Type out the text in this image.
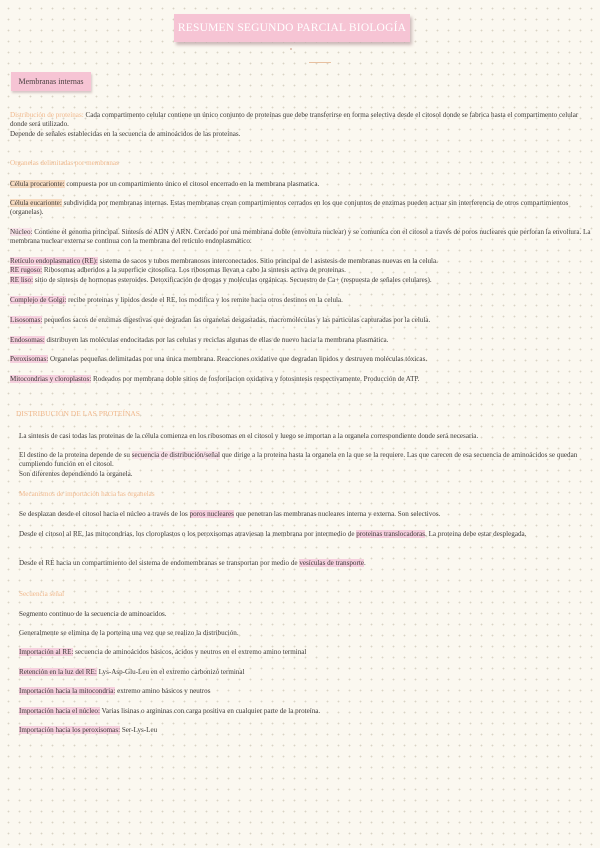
RESUMEN SEGUNDO PARCIAL BIOLOGÍA
Membranas internas

Distribución de proteínas: Cada compartimento celular contiene un único conjunto de proteínas que debe transferirse en forma selectiva desde el citosol donde se fabrica hasta el compartimento celular donde será utilizado.
Depende de señales establecidas en la secuencia de aminoácidos de las proteínas.

Organelas delimitadas por membranas

Célula procarionte: compuesta por un compartimiento único el citosol encerrado en la membrana plasmatica.

Célula eucarionte: subdividida por membranas internas. Estas membranas crean compartimientos cerrados en los que conjuntos de enzimas pueden actuar sin interferencia de otros compartimientos (organelas).

Núcleo: Contiene el genoma principal. Sintesis de ADN y ARN. Cercado por una membrana doble (envoltura nuclear) y se comunica con el citosol a través de poros nucleares que perforan la envoltura. La membrana nuclear externa se continua con la membrana del retículo endoplasmático.

Retículo endoplasmatico (RE): sistema de sacos y tubos membranosos interconectados. Sitio principal de l asistesis de membranas nuevas en la celula.
RE rugoso: Ribosomas adheridos a la superficie citosolica. Los ribosomas llevan a cabo la sintesis activa de proteinas.
RE liso: sitio de síntesis de hormonas esteroides. Detoxificación de drogas y moléculas orgánicas. Secuestro de Ca+ (respuesta de señales celulares).

Complejo de Golgi: recibe proteinas y lipidos desde el RE, los modifica y los remite hacia otros destinos en la celula.

Lisosomas: pequeños sacos de enzimas digestivas que degradan las organelas desgastadas, macromoléculas y las particulas capturadas por la celula.

Endosomas: distribuyen las moléculas endocitadas por las celulas y reciclas algunas de ellas de nuevo hacia la membrana plasmática.

Peroxisomas: Organelas pequeñas delimitadas por una única membrana. Reacciones oxidative que degradan lipidos y destruyen moléculas tóxicas.

Mitocondrias y cloroplastos: Rodeados por membrana doble sitios de fosforilacion oxidativa y fotosintesis respectivamente. Producción de ATP.

DISTRIBUCIÓN DE LAS PROTEÍNAS

La sintesis de casi todas las proteinas de la célula comienza en los ribosomas en el citosol y luego se importan a la organela correspondiente donde será necesaria.

El destino de la proteina depende de su secuencia de distribución/señal que dirige a la proteina hasta la organela en la que se la requiere. Las que carecen de esa secuencia de aminoácidos se quedan cumpliendo función en el citosol.
Son diferentes dependiendo la organela.

Mecanismos de importación hacia las organelas

Se desplazan desde el citosol hacia el núcleo a través de los poros nucleares que penetran las membranas nucleares interna y externa. Son selectivos.

Desde el citosol al RE, las mitocondrias, los cloroplastos o los peroxisomas atraviesan la membrana por intermedio de proteinas translocadoras. La proteina debe estar desplegada.

Desde el RE hacia un compartimiento del sistema de endomembranas se transportan por medio de vesículas de transporte.

Secuencia señal

Segmento continuo de la secuencia de aminoacidos.

Generalmente se elimina de la porteina una vez que se realizo la distribución.

Importación al RE: secuencia de aminoácidos básicos, ácidos y neutros en el extremo amino terminal

Retención en la luz del RE: Lys-Asp-Glu-Leu en el extremo carbonizó terminal

Importación hacia la mitocondria: extremo amino básicos y neutros

Importación hacia el núcleo: Varias lisinas o argininas con carga positiva en cualquier parte de la proteína.

Importación hacia los peroxisomas: Ser-Lys-Leu
